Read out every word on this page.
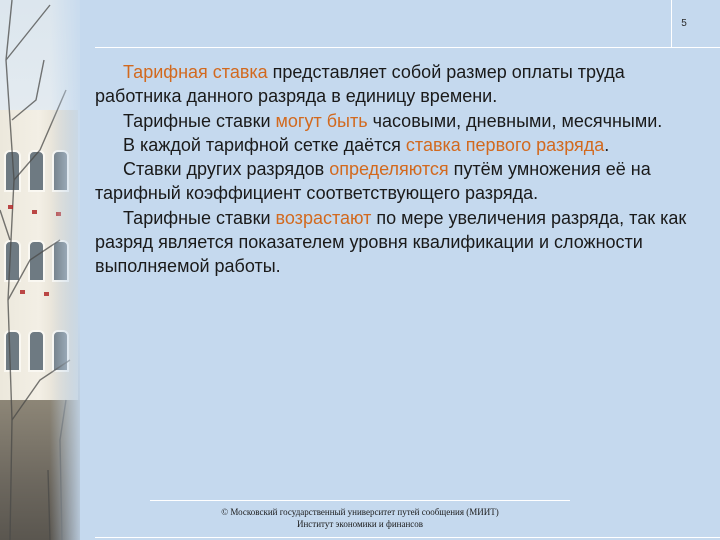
5

Тарифная ставка представляет собой размер оплаты труда работника данного разряда в единицу времени.

Тарифные ставки могут быть часовыми, дневными, месячными.

В каждой тарифной сетке даётся ставка первого разряда.

Ставки других разрядов определяются путём умножения её на тарифный коэффициент соответствующего разряда.

Тарифные ставки возрастают по мере увеличения разряда, так как разряд является показателем уровня квалификации и сложности выполняемой работы.

© Московский государственный университет путей сообщения (МИИТ)
Институт экономики и финансов
